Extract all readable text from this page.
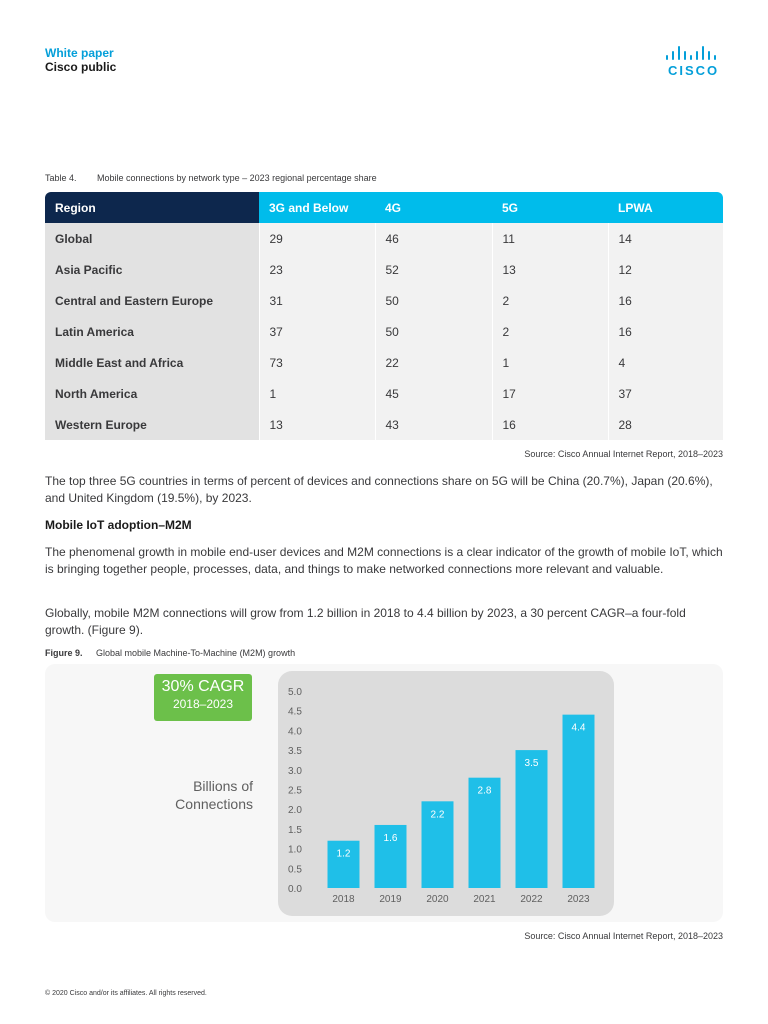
White paper
Cisco public	CISCO
Table 4. Mobile connections by network type – 2023 regional percentage share
Region	3G and Below	4G	5G	LPWA
Global	29	46	11	14
Asia Pacific	23	52	13	12
Central and Eastern Europe	31	50	2	16
Latin America	37	50	2	16
Middle East and Africa	73	22	1	4
North America	1	45	17	37
Western Europe	13	43	16	28
Source: Cisco Annual Internet Report, 2018–2023
The top three 5G countries in terms of percent of devices and connections share on 5G will be China (20.7%), Japan (20.6%), and United Kingdom (19.5%), by 2023.
Mobile IoT adoption–M2M
The phenomenal growth in mobile end-user devices and M2M connections is a clear indicator of the growth of mobile IoT, which is bringing together people, processes, data, and things to make networked connections more relevant and valuable.
Globally, mobile M2M connections will grow from 1.2 billion in 2018 to 4.4 billion by 2023, a 30 percent CAGR–a four-fold growth. (Figure 9).
Figure 9. Global mobile Machine-To-Machine (M2M) growth
30% CAGR
2018–2023
Billions of
Connections
0.0
0.5
1.0
1.5
2.0
2.5
3.0
3.5
4.0
4.5
5.0
1.2
2018
1.6
2019
2.2
2020
2.8
2021
3.5
2022
4.4
2023
Source: Cisco Annual Internet Report, 2018–2023
© 2020 Cisco and/or its affiliates. All rights reserved.
